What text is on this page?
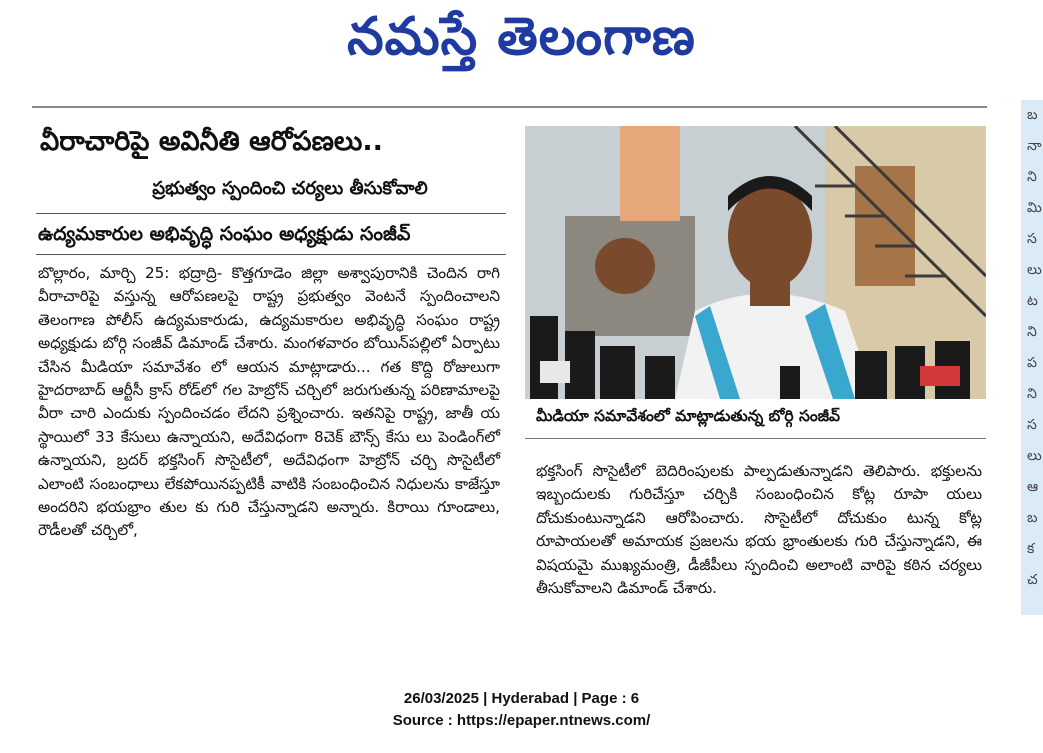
నమస్తే తెలంగాణ
బ
నా
ని
మి
స
లు
ట
ని
ప
ని
స
లు
ఆ
బ
క
చ
వీరాచారిపై అవినీతి ఆరోపణలు..
ప్రభుత్వం స్పందించి చర్యలు తీసుకోవాలి
ఉద్యమకారుల అభివృద్ధి సంఘం అధ్యక్షుడు సంజీవ్

బొల్లారం, మార్చి 25: భద్రాద్రి- కొత్తగూడెం జిల్లా అశ్వాపురానికి చెందిన రాగి వీరాచారిపై వస్తున్న ఆరోపణలపై రాష్ట్ర ప్రభుత్వం వెంటనే స్పందించాలని తెలంగాణ పోలీస్ ఉద్యమకారుడు, ఉద్యమకారుల అభివృద్ధి సంఘం రాష్ట్ర అధ్యక్షుడు బోర్గి సంజీవ్ డిమాండ్ చేశారు. మంగళవారం బోయిన్‌పల్లిలో ఏర్పాటు చేసిన మీడియా సమావేశం లో ఆయన మాట్లాడారు... గత కొద్ది రోజులుగా హైదరాబాద్ ఆర్టీసీ క్రాస్ రోడ్‌లో గల హెబ్రోన్ చర్చిలో జరుగుతున్న పరిణామాలపై వీరా చారి ఎందుకు స్పందించడం లేదని ప్రశ్నించారు. ఇతనిపై రాష్ట్ర, జాతీ య స్థాయిలో 33 కేసులు ఉన్నాయని, అదేవిధంగా 8చెక్ బౌన్స్ కేసు లు పెండింగ్‌లో ఉన్నాయని, బ్రదర్ భక్తసింగ్ సొసైటీలో, అదేవిధంగా హెబ్రోన్ చర్చి సొసైటీలో ఎలాంటి సంబంధాలు లేకపోయినప్పటికీ వాటికి సంబంధించిన నిధులను కాజేస్తూ అందరిని భయభ్రాం తుల కు గురి చేస్తున్నాడని అన్నారు. కిరాయి గూండాలు, రౌడీలతో చర్చిలో,

మీడియా సమావేశంలో మాట్లాడుతున్న బోర్గి సంజీవ్

భక్తసింగ్ సొసైటీలో బెదిరింపులకు పాల్పడుతున్నాడని తెలిపారు. భక్తులను ఇబ్బందులకు గురిచేస్తూ చర్చికి సంబంధించిన కోట్ల రూపా యలు దోచుకుంటున్నాడని ఆరోపించారు. సొసైటీలో దోచుకుం టున్న కోట్ల రూపాయలతో అమాయక ప్రజలను భయ భ్రాంతులకు గురి చేస్తున్నాడని, ఈ విషయమై ముఖ్యమంత్రి, డీజీపీలు స్పందించి అలాంటి వారిపై కఠిన చర్యలు తీసుకోవాలని డిమాండ్ చేశారు.

26/03/2025 | Hyderabad | Page : 6
Source : https://epaper.ntnews.com/
